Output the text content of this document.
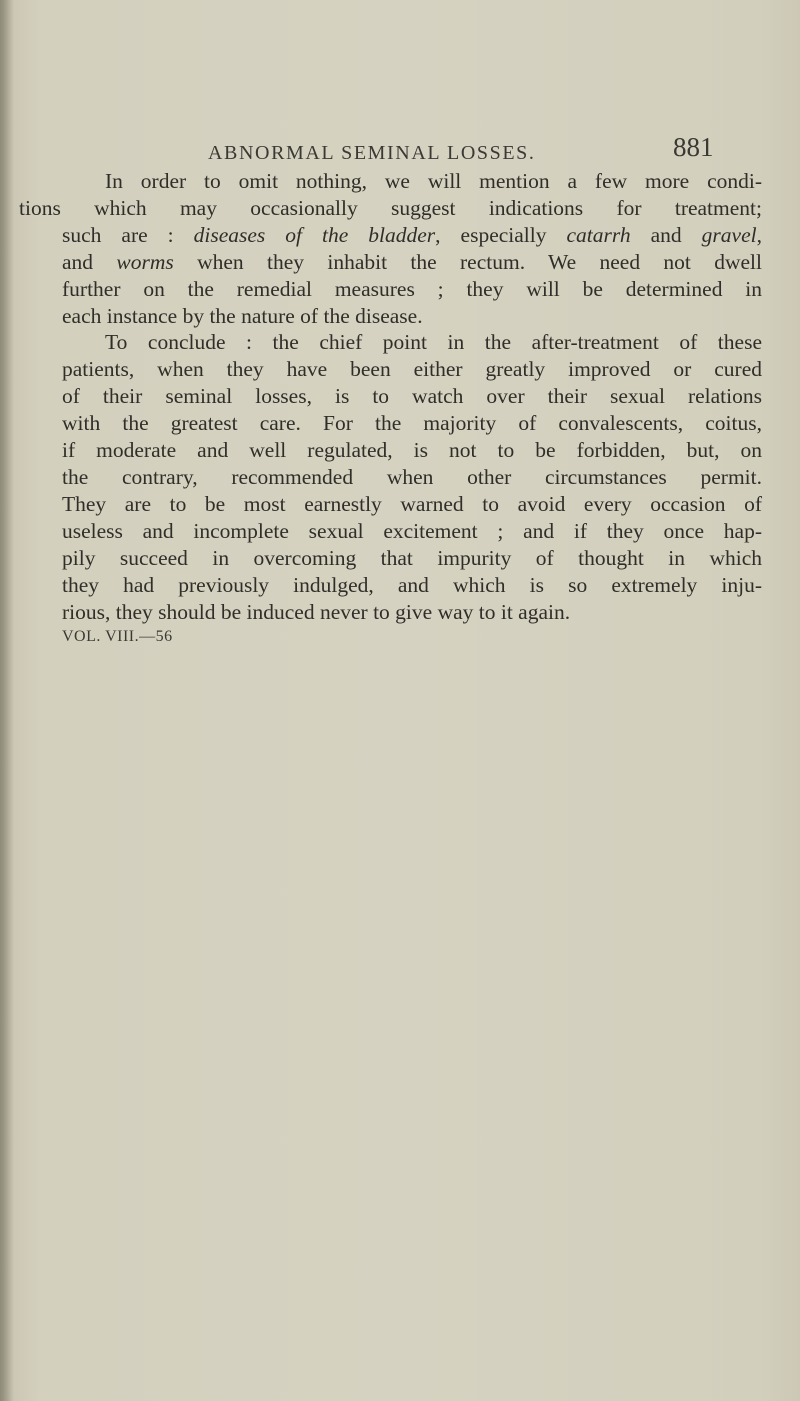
ABNORMAL SEMINAL LOSSES.	881

In order to omit nothing, we will mention a few more condi-
tions which may occasionally suggest indications for treatment;
such are : diseases of the bladder, especially catarrh and gravel,
and worms when they inhabit the rectum. We need not dwell
further on the remedial measures ; they will be determined in
each instance by the nature of the disease.

To conclude : the chief point in the after-treatment of these
patients, when they have been either greatly improved or cured
of their seminal losses, is to watch over their sexual relations
with the greatest care. For the majority of convalescents, coitus,
if moderate and well regulated, is not to be forbidden, but, on
the contrary, recommended when other circumstances permit.
They are to be most earnestly warned to avoid every occasion of
useless and incomplete sexual excitement ; and if they once hap-
pily succeed in overcoming that impurity of thought in which
they had previously indulged, and which is so extremely inju-
rious, they should be induced never to give way to it again.

VOL. VIII.—56
